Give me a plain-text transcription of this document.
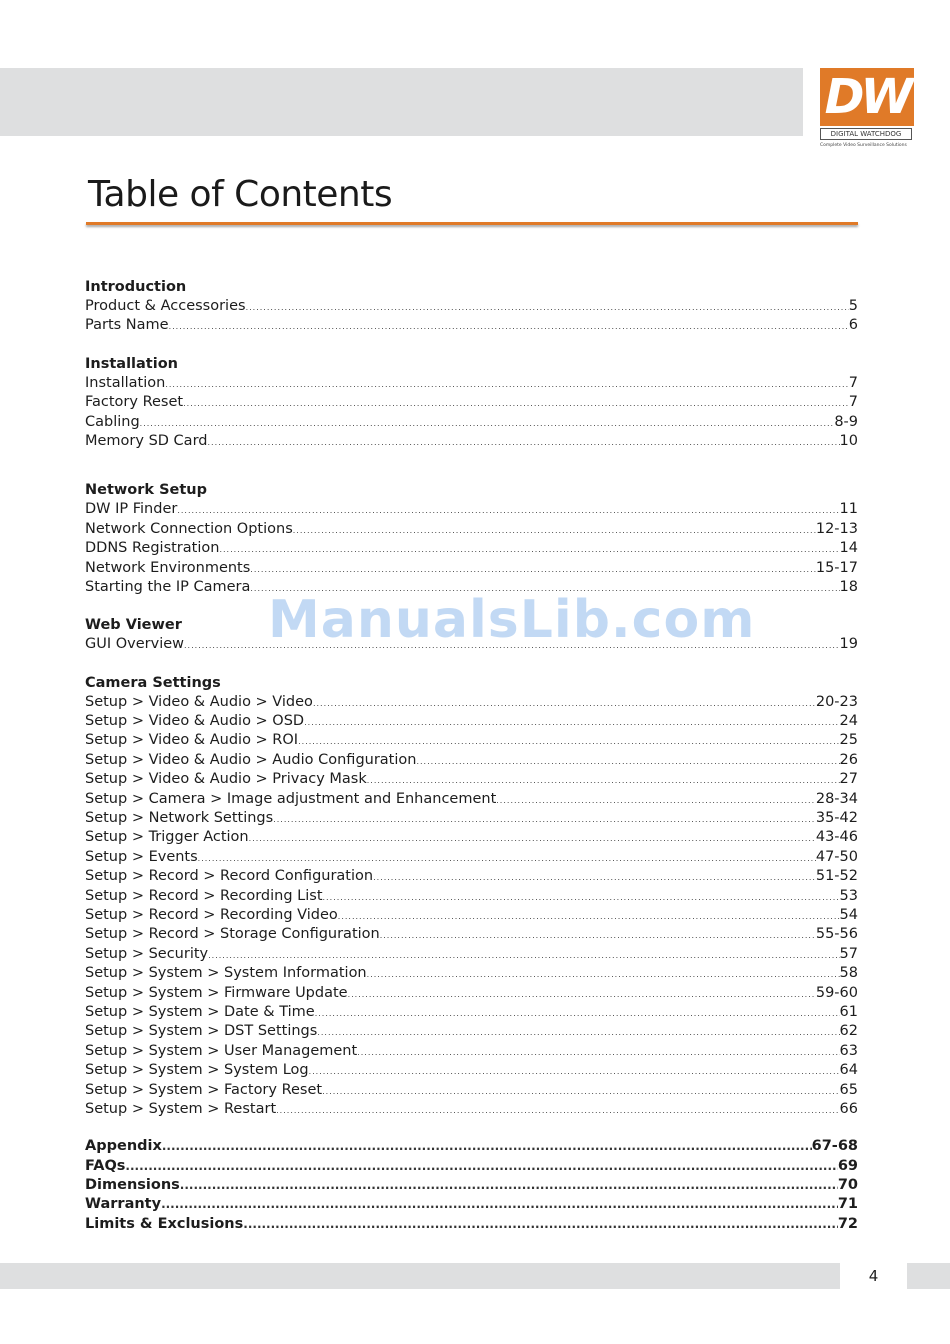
DW
DIGITAL WATCHDOG
Complete Video Surveillance Solutions
Table of Contents
Introduction
Product & Accessories .....	5
Parts Name .....	6
Installation
Installation .....	7
Factory Reset .....	7
Cabling .....	8-9
Memory SD Card .....	10
Network Setup
DW IP Finder .....	11
Network Connection Options .....	12-13
DDNS Registration .....	14
Network Environments .....	15-17
Starting the IP Camera .....	18
Web Viewer
GUI Overview .....	19
Camera Settings
Setup > Video & Audio > Video .....	20-23
Setup > Video & Audio > OSD .....	24
Setup > Video & Audio > ROI .....	25
Setup > Video & Audio > Audio Configuration .....	26
Setup > Video & Audio > Privacy Mask .....	27
Setup > Camera > Image adjustment and Enhancement .....	28-34
Setup > Network Settings .....	35-42
Setup > Trigger Action .....	43-46
Setup > Events .....	47-50
Setup > Record > Record Configuration .....	51-52
Setup > Record > Recording List .....	53
Setup > Record > Recording Video .....	54
Setup > Record > Storage Configuration .....	55-56
Setup > Security .....	57
Setup > System > System Information .....	58
Setup > System > Firmware Update .....	59-60
Setup > System > Date & Time .....	61
Setup > System > DST Settings .....	62
Setup > System > User Management .....	63
Setup > System > System Log .....	64
Setup > System > Factory Reset .....	65
Setup > System > Restart .....	66
Appendix .....	67-68
FAQs .....	69
Dimensions .....	70
Warranty .....	71
Limits & Exclusions .....	72
ManualsLib.com
4
